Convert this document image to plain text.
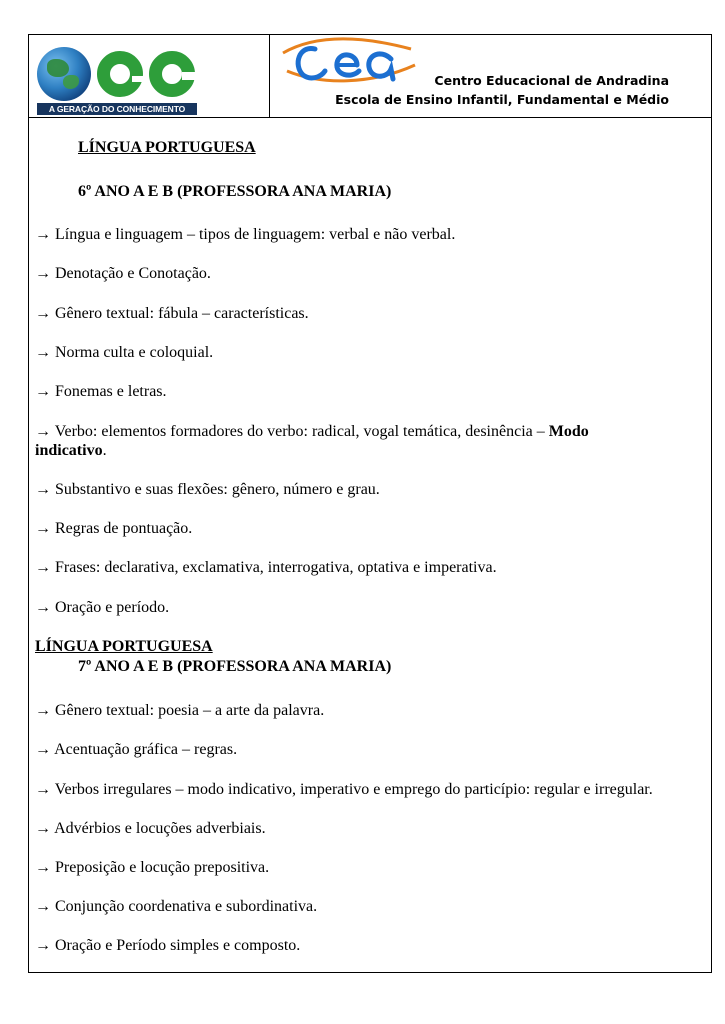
A GERAÇÃO DO CONHECIMENTO
Centro Educacional de Andradina
Escola de Ensino Infantil, Fundamental e Médio

LÍNGUA PORTUGUESA

6º ANO A E B (PROFESSORA ANA MARIA)

→ Língua e linguagem – tipos de linguagem: verbal e não verbal.

→ Denotação e Conotação.

→ Gênero textual: fábula – características.

→ Norma culta e coloquial.

→ Fonemas e letras.

→ Verbo: elementos formadores do verbo: radical, vogal temática, desinência – Modo

indicativo.

→ Substantivo e suas flexões: gênero, número e grau.

→ Regras de pontuação.

→ Frases: declarativa, exclamativa, interrogativa, optativa e imperativa.

→ Oração e período.

LÍNGUA PORTUGUESA

7º ANO A E B (PROFESSORA ANA MARIA)

→ Gênero textual: poesia – a arte da palavra.

→ Acentuação gráfica – regras.

→ Verbos irregulares – modo indicativo, imperativo e emprego do particípio: regular e irregular.

→ Advérbios e locuções adverbiais.

→ Preposição e locução prepositiva.

→ Conjunção coordenativa e subordinativa.

→ Oração e Período simples e composto.
